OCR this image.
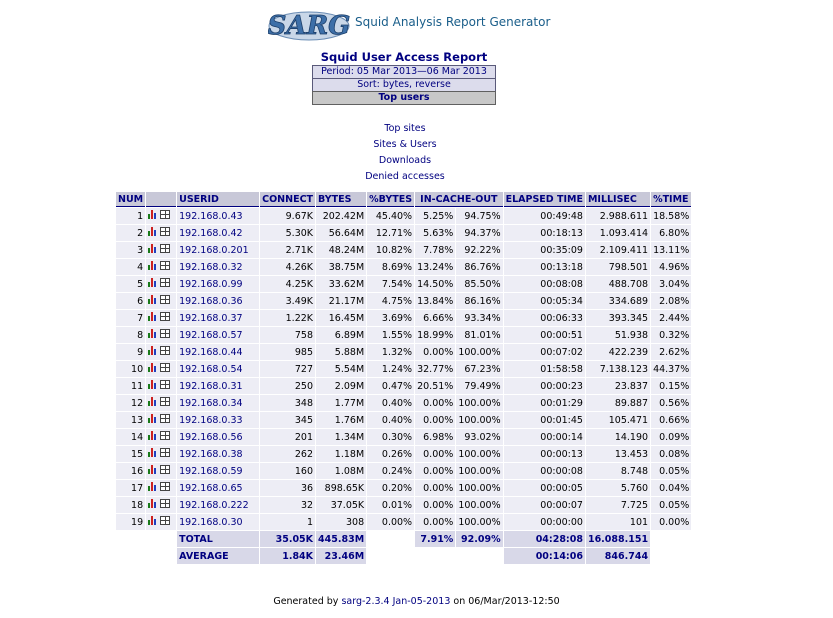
SARG Squid Analysis Report Generator
Squid User Access Report
Period: 05 Mar 2013—06 Mar 2013
Sort: bytes, reverse
Top users
Top sites
Sites & Users
Downloads
Denied accesses
NUM		USERID	CONNECT	BYTES	%BYTES	IN-CACHE-OUT		ELAPSED TIME	MILLISEC	%TIME
1		192.168.0.43	9.67K	202.42M	45.40%	5.25%	94.75%	00:49:48	2.988.611	18.58%
2		192.168.0.42	5.30K	56.64M	12.71%	5.63%	94.37%	00:18:13	1.093.414	6.80%
3		192.168.0.201	2.71K	48.24M	10.82%	7.78%	92.22%	00:35:09	2.109.411	13.11%
4		192.168.0.32	4.26K	38.75M	8.69%	13.24%	86.76%	00:13:18	798.501	4.96%
5		192.168.0.99	4.25K	33.62M	7.54%	14.50%	85.50%	00:08:08	488.708	3.04%
6		192.168.0.36	3.49K	21.17M	4.75%	13.84%	86.16%	00:05:34	334.689	2.08%
7		192.168.0.37	1.22K	16.45M	3.69%	6.66%	93.34%	00:06:33	393.345	2.44%
8		192.168.0.57	758	6.89M	1.55%	18.99%	81.01%	00:00:51	51.938	0.32%
9		192.168.0.44	985	5.88M	1.32%	0.00%	100.00%	00:07:02	422.239	2.62%
10		192.168.0.54	727	5.54M	1.24%	32.77%	67.23%	01:58:58	7.138.123	44.37%
11		192.168.0.31	250	2.09M	0.47%	20.51%	79.49%	00:00:23	23.837	0.15%
12		192.168.0.34	348	1.77M	0.40%	0.00%	100.00%	00:01:29	89.887	0.56%
13		192.168.0.33	345	1.76M	0.40%	0.00%	100.00%	00:01:45	105.471	0.66%
14		192.168.0.56	201	1.34M	0.30%	6.98%	93.02%	00:00:14	14.190	0.09%
15		192.168.0.38	262	1.18M	0.26%	0.00%	100.00%	00:00:13	13.453	0.08%
16		192.168.0.59	160	1.08M	0.24%	0.00%	100.00%	00:00:08	8.748	0.05%
17		192.168.0.65	36	898.65K	0.20%	0.00%	100.00%	00:00:05	5.760	0.04%
18		192.168.0.222	32	37.05K	0.01%	0.00%	100.00%	00:00:07	7.725	0.05%
19		192.168.0.30	1	308	0.00%	0.00%	100.00%	00:00:00	101	0.00%
		TOTAL	35.05K	445.83M		7.91%	92.09%	04:28:08	16.088.151	
		AVERAGE	1.84K	23.46M				00:14:06	846.744	
Generated by sarg-2.3.4 Jan-05-2013 on 06/Mar/2013-12:50
